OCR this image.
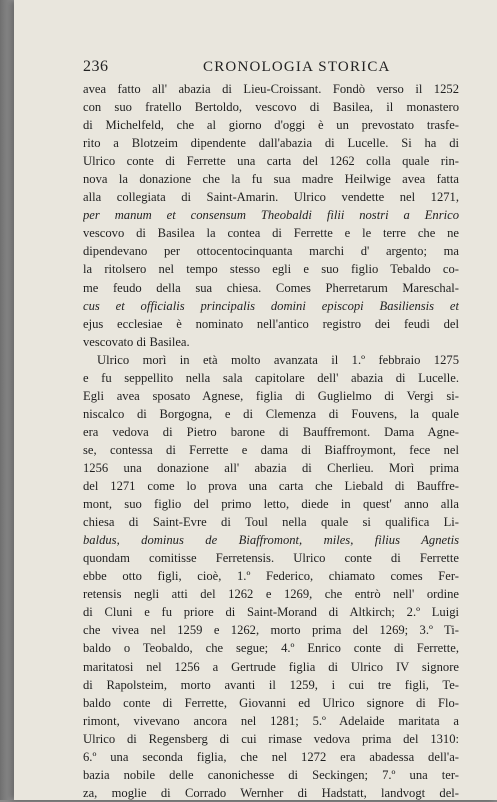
236	CRONOLOGIA STORICA
avea fatto all' abazia di Lieu-Croissant. Fondò verso il 1252
con suo fratello Bertoldo, vescovo di Basilea, il monastero
di Michelfeld, che al giorno d'oggi è un prevostato trasfe-
rito a Blotzeim dipendente dall'abazia di Lucelle. Si ha di
Ulrico conte di Ferrette una carta del 1262 colla quale rin-
nova la donazione che la fu sua madre Heilwige avea fatta
alla collegiata di Saint-Amarin. Ulrico vendette nel 1271,
per manum et consensum Theobaldi filii nostri a Enrico
vescovo di Basilea la contea di Ferrette e le terre che ne
dipendevano per ottocentocinquanta marchi d' argento; ma
la ritolsero nel tempo stesso egli e suo figlio Tebaldo co-
me feudo della sua chiesa. Comes Pherretarum Mareschal-
cus et officialis principalis domini episcopi Basiliensis et
ejus ecclesiae è nominato nell'antico registro dei feudi del
vescovato di Basilea.
Ulrico morì in età molto avanzata il 1.º febbraio 1275
e fu seppellito nella sala capitolare dell' abazia di Lucelle.
Egli avea sposato Agnese, figlia di Guglielmo di Vergi si-
niscalco di Borgogna, e di Clemenza di Fouvens, la quale
era vedova di Pietro barone di Bauffremont. Dama Agne-
se, contessa di Ferrette e dama di Biaffroymont, fece nel
1256 una donazione all' abazia di Cherlieu. Morì prima
del 1271 come lo prova una carta che Liebald di Bauffre-
mont, suo figlio del primo letto, diede in quest' anno alla
chiesa di Saint-Evre di Toul nella quale si qualifica Li-
baldus, dominus de Biaffromont, miles, filius Agnetis
quondam comitisse Ferretensis. Ulrico conte di Ferrette
ebbe otto figli, cioè, 1.º Federico, chiamato comes Fer-
retensis negli atti del 1262 e 1269, che entrò nell' ordine
di Cluni e fu priore di Saint-Morand di Altkirch; 2.º Luigi
che vivea nel 1259 e 1262, morto prima del 1269; 3.º Ti-
baldo o Teobaldo, che segue; 4.º Enrico conte di Ferrette,
maritatosi nel 1256 a Gertrude figlia di Ulrico IV signore
di Rapolsteim, morto avanti il 1259, i cui tre figli, Te-
baldo conte di Ferrette, Giovanni ed Ulrico signore di Flo-
rimont, vivevano ancora nel 1281; 5.º Adelaide maritata a
Ulrico di Regensberg di cui rimase vedova prima del 1310:
6.º una seconda figlia, che nel 1272 era abadessa dell'a-
bazia nobile delle canonichesse di Seckingen; 7.º una ter-
za, moglie di Corrado Wernher di Hadstatt, landvogt del-
